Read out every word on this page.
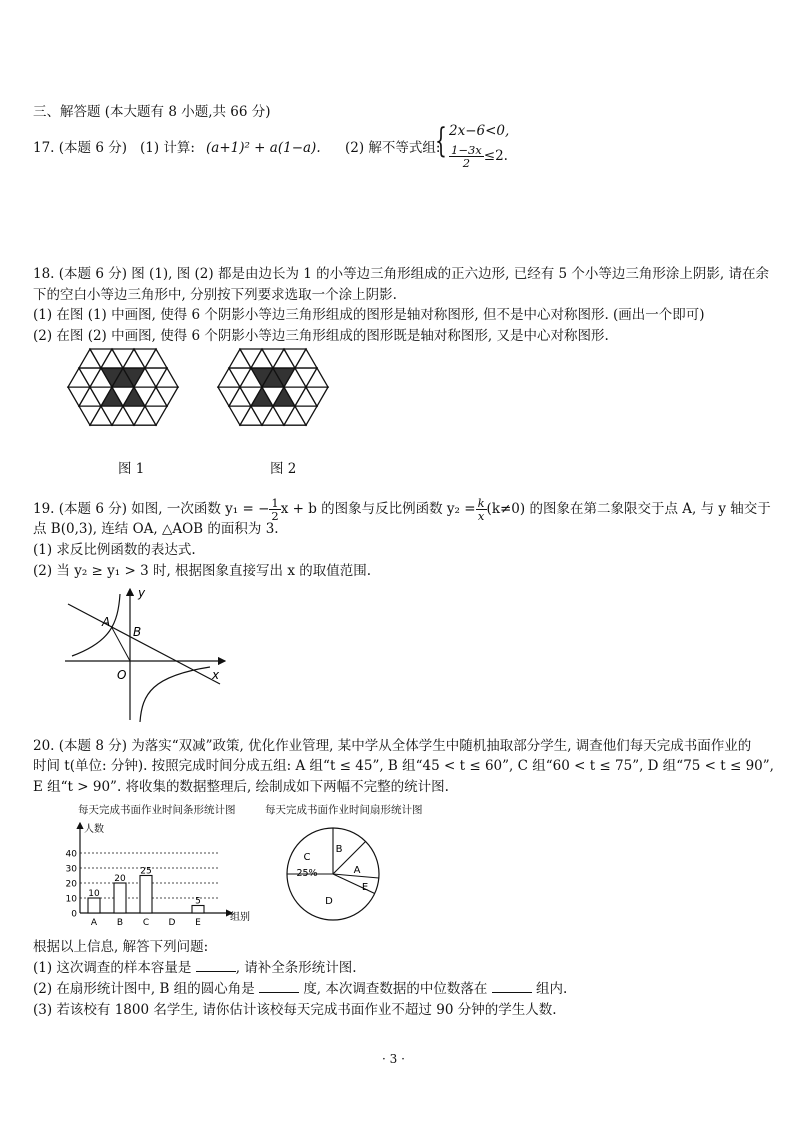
三、解答题 (本大题有 8 小题,共 66 分)
17. (本题 6 分) (1) 计算: (a+1)² + a(1−a). (2) 解不等式组:
{ 2x−6<0,
$\frac{1-3x}{2} \le 2$.
18. (本题 6 分) 图 (1), 图 (2) 都是由边长为 1 的小等边三角形组成的正六边形, 已经有 5 个小等边三角形涂上阴影, 请在余
下的空白小等边三角形中, 分别按下列要求选取一个涂上阴影.
(1) 在图 (1) 中画图, 使得 6 个阴影小等边三角形组成的图形是轴对称图形, 但不是中心对称图形. (画出一个即可)
(2) 在图 (2) 中画图, 使得 6 个阴影小等边三角形组成的图形既是轴对称图形, 又是中心对称图形.
图 1	图 2
19. (本题 6 分) 如图, 一次函数 y₁ = − $\frac{1}{2}$ x + b 的图象与反比例函数 $y_2 = \frac{k}{x} (k\ne 0)$ 的图象在第二象限交于点 A, 与 y 轴交于
点 B(0,3), 连结 OA, △AOB 的面积为 3.
(1) 求反比例函数的表达式.
(2) 当 y₂ ≥ y₁ > 3 时, 根据图象直接写出 x 的取值范围.
y
x
A
B
O
20. (本题 8 分) 为落实“双减”政策, 优化作业管理, 某中学从全体学生中随机抽取部分学生, 调查他们每天完成书面作业的
时间 t(单位: 分钟). 按照完成时间分成五组: A 组“t ≤ 45”, B 组“45 < t ≤ 60”, C 组“60 < t ≤ 75”, D 组“75 < t ≤ 90”,
E 组“t > 90”. 将收集的数据整理后, 绘制成如下两幅不完整的统计图.
每天完成书面作业时间条形统计图	每天完成书面作业时间扇形统计图
人数
组别
0
10
20
30
40
A
10
B
20
C
25
D E
5
C
B
A
E
D
25%
根据以上信息, 解答下列问题:
(1) 这次调查的样本容量是	, 请补全条形统计图.
(2) 在扇形统计图中, B 组的圆心角是	度, 本次调查数据的中位数落在	组内.
(3) 若该校有 1800 名学生, 请你估计该校每天完成书面作业不超过 90 分钟的学生人数.
· 3 ·
